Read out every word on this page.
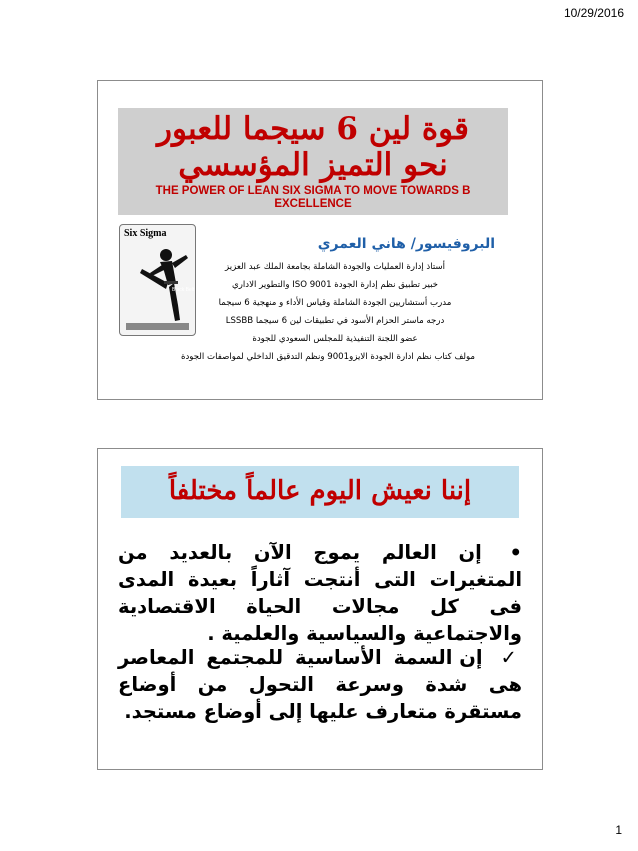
10/29/2016
قوة لين 6 سيجما للعبور
نحو التميز المؤسسي
THE POWER OF LEAN SIX SIGMA TO MOVE TOWARDS B EXCELLENCE
Six Sigma
Black Belt
البروفيسور/ هاني العمري
أستاذ إدارة العمليات والجودة الشاملة بجامعة الملك عبد العزيز
خبير تطبيق نظم إدارة الجودة ISO 9001 والتطوير الاداري
مدرب أستشاريين الجودة الشاملة وقياس الأداء و منهجية 6 سيجما
درجه ماستر الحزام الأسود في تطبيقات لين 6 سيجما LSSBB
عضو اللجنة التنفيذية للمجلس السعودي للجودة
مولف كتاب نظم ادارة الجودة الايزو9001 ونظم التدقيق الداخلي لمواصفات الجودة
إننا نعيش اليوم عالماً مختلفاً
• إن العالم يموج الآن بالعديد من المتغيرات التى أنتجت آثاراً بعيدة المدى فى كل مجالات الحياة الاقتصادية والاجتماعية والسياسية والعلمية .
✓ إن السمة الأساسية للمجتمع المعاصر هى شدة وسرعة التحول من أوضاع مستقرة متعارف عليها إلى أوضاع مستجد.
1
